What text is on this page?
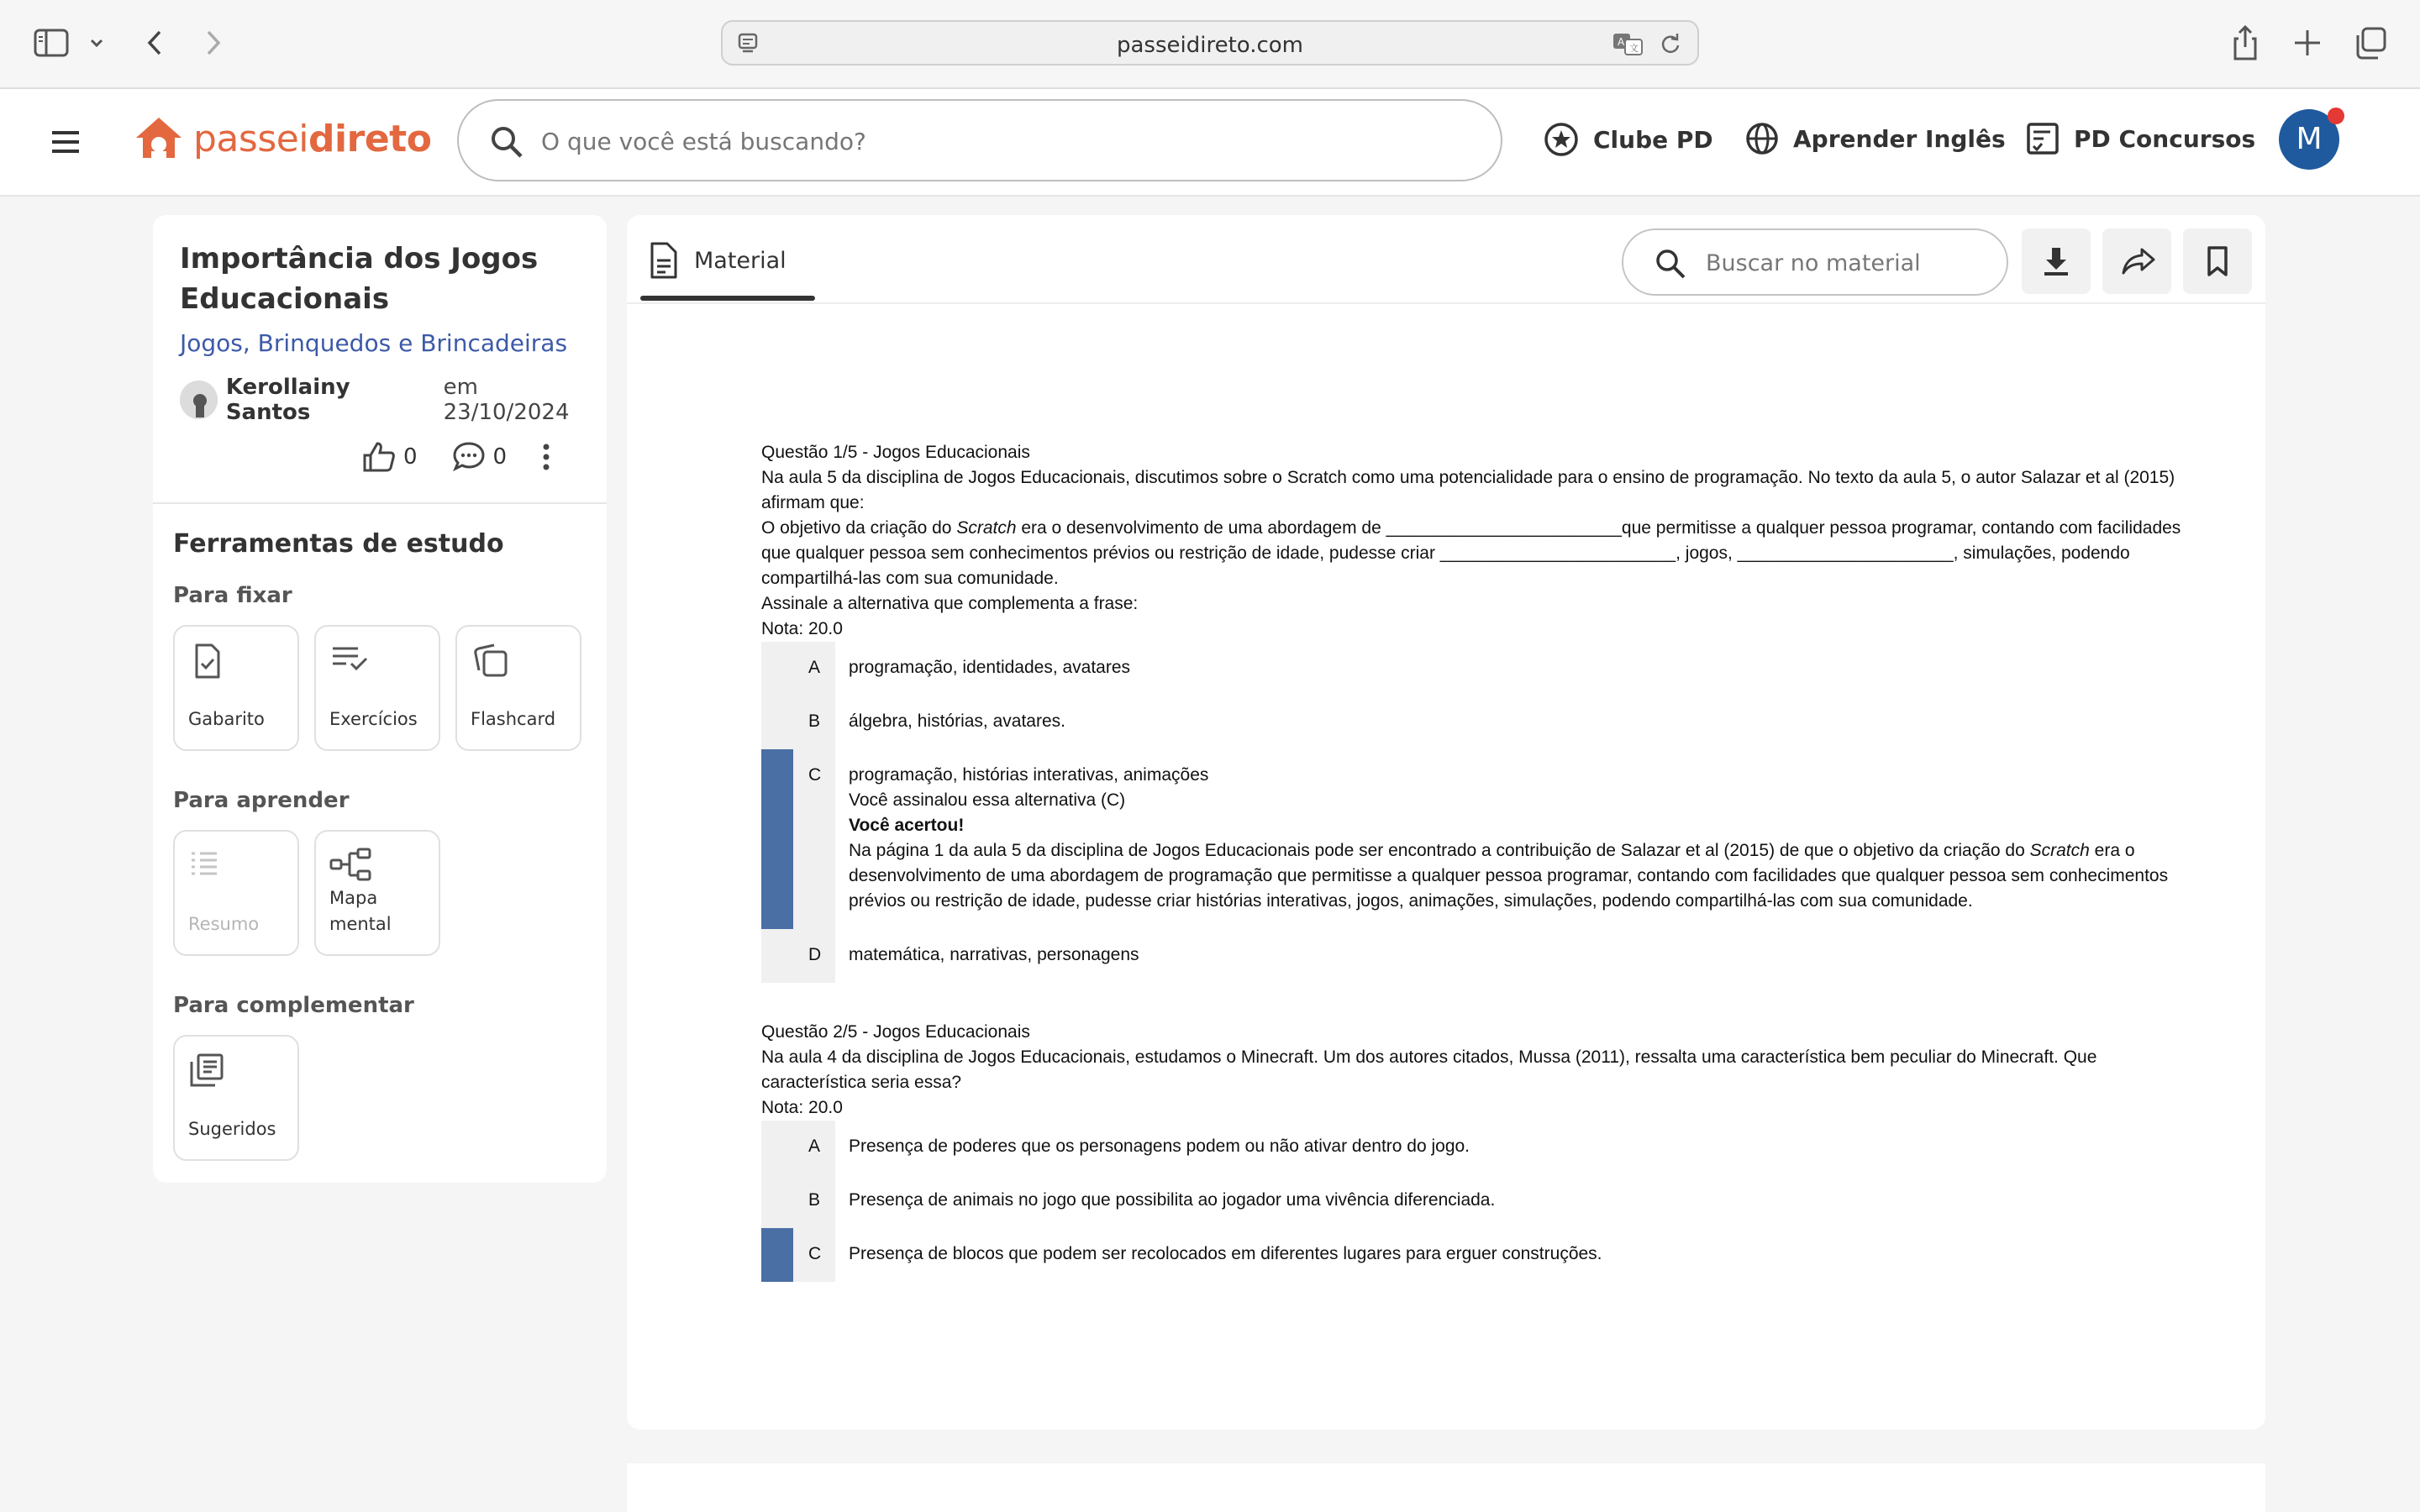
passeidireto.com	A
文
passeidireto
O que você está buscando?	Clube PD	Aprender Inglês	PD Concursos	M
Importância dos Jogos Educacionais
Jogos, Brinquedos e Brincadeiras
Kerollainy Santos
em 23/10/2024
0	0
Ferramentas de estudo
Para fixar
Gabarito	Exercícios	Flashcard
Para aprender
Resumo
Mapa mental
Para complementar
Sugeridos
Material
Buscar no material

Questão 1/5 - Jogos Educacionais

Na aula 5 da disciplina de Jogos Educacionais, discutimos sobre o Scratch como uma potencialidade para o ensino de programação. No texto da aula 5, o autor Salazar et al (2015) afirmam que:

O objetivo da criação do Scratch era o desenvolvimento de uma abordagem de ________________________que permitisse a qualquer pessoa programar, contando com facilidades que qualquer pessoa sem conhecimentos prévios ou restrição de idade, pudesse criar ________________________, jogos, ______________________, simulações, podendo compartilhá-las com sua comunidade.

Assinale a alternativa que complementa a frase:

Nota: 20.0

A programação, identidades, avatares
B álgebra, histórias, avatares.
C programação, histórias interativas, animações

Você assinalou essa alternativa (C)

Você acertou!

Na página 1 da aula 5 da disciplina de Jogos Educacionais pode ser encontrado a contribuição de Salazar et al (2015) de que o objetivo da criação do Scratch era o desenvolvimento de uma abordagem de programação que permitisse a qualquer pessoa programar, contando com facilidades que qualquer pessoa sem conhecimentos prévios ou restrição de idade, pudesse criar histórias interativas, jogos, animações, simulações, podendo compartilhá-las com sua comunidade.

D matemática, narrativas, personagens

Questão 2/5 - Jogos Educacionais

Na aula 4 da disciplina de Jogos Educacionais, estudamos o Minecraft. Um dos autores citados, Mussa (2011), ressalta uma característica bem peculiar do Minecraft. Que característica seria essa?

Nota: 20.0

A Presença de poderes que os personagens podem ou não ativar dentro do jogo.
B Presença de animais no jogo que possibilita ao jogador uma vivência diferenciada.
C Presença de blocos que podem ser recolocados em diferentes lugares para erguer construções.
